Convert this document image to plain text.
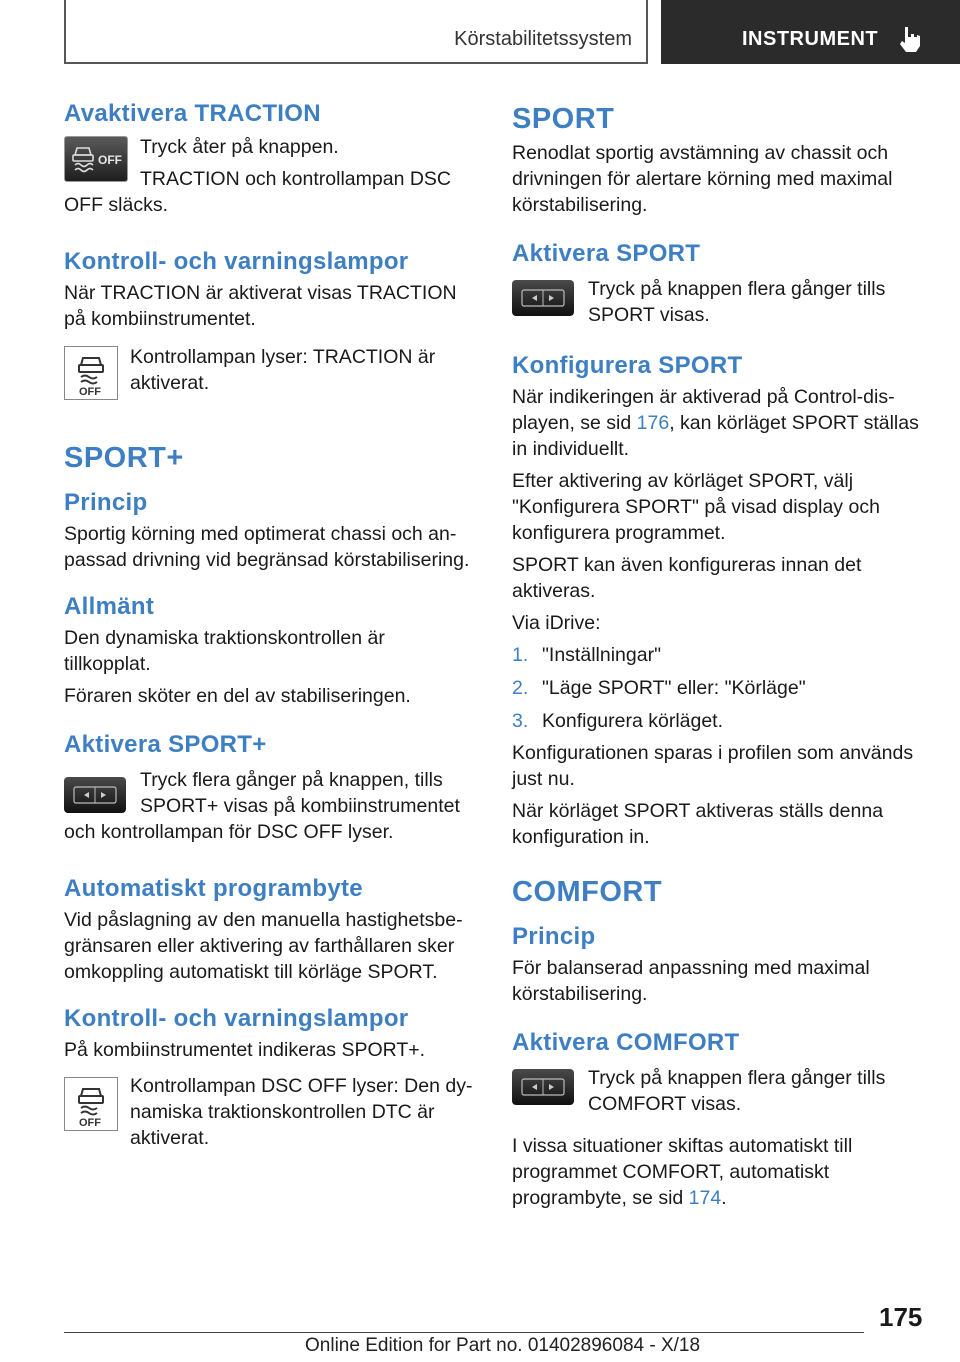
Körstabilitetssystem	INSTRUMENT
Avaktivera TRACTION
OFF

Tryck åter på knappen.

TRACTION och kontrollampan DSC

OFF släcks.

Kontroll- och varningslampor

När TRACTION är aktiverat visas TRACTION på kombiinstrumentet.

OFF

Kontrollampan lyser: TRACTION är aktiverat.

SPORT+
Princip

Sportig körning med optimerat chassi och anpassad drivning vid begränsad körstabilisering.

Allmänt

Den dynamiska traktionskontrollen är tillkopplat.

Föraren sköter en del av stabiliseringen.

Aktivera SPORT+

Tryck flera gånger på knappen, tills SPORT+ visas på kombiinstrumentet

och kontrollampan för DSC OFF lyser.

Automatiskt programbyte

Vid påslagning av den manuella hastighetsbegränsaren eller aktivering av farthållaren sker omkoppling automatiskt till körläge SPORT.

Kontroll- och varningslampor

På kombiinstrumentet indikeras SPORT+.

OFF

Kontrollampan DSC OFF lyser: Den dynamiska traktionskontrollen DTC är aktiverat.

SPORT

Renodlat sportig avstämning av chassit och drivningen för alertare körning med maximal körstabilisering.

Aktivera SPORT

Tryck på knappen flera gånger tills SPORT visas.

Konfigurera SPORT

När indikeringen är aktiverad på Control-displayen, se sid 176, kan körläget SPORT ställas in individuellt.

Efter aktivering av körläget SPORT, välj "Konfigurera SPORT" på visad display och konfigurera programmet.

SPORT kan även konfigureras innan det aktiveras.

Via iDrive:

1. "Inställningar"
2. "Läge SPORT" eller: "Körläge"
3. Konfigurera körläget.

Konfigurationen sparas i profilen som används just nu.

När körläget SPORT aktiveras ställs denna konfiguration in.

COMFORT
Princip

För balanserad anpassning med maximal körstabilisering.

Aktivera COMFORT

Tryck på knappen flera gånger tills COMFORT visas.

I vissa situationer skiftas automatiskt till programmet COMFORT, automatiskt programbyte, se sid 174.

175
Online Edition for Part no. 01402896084 - X/18
